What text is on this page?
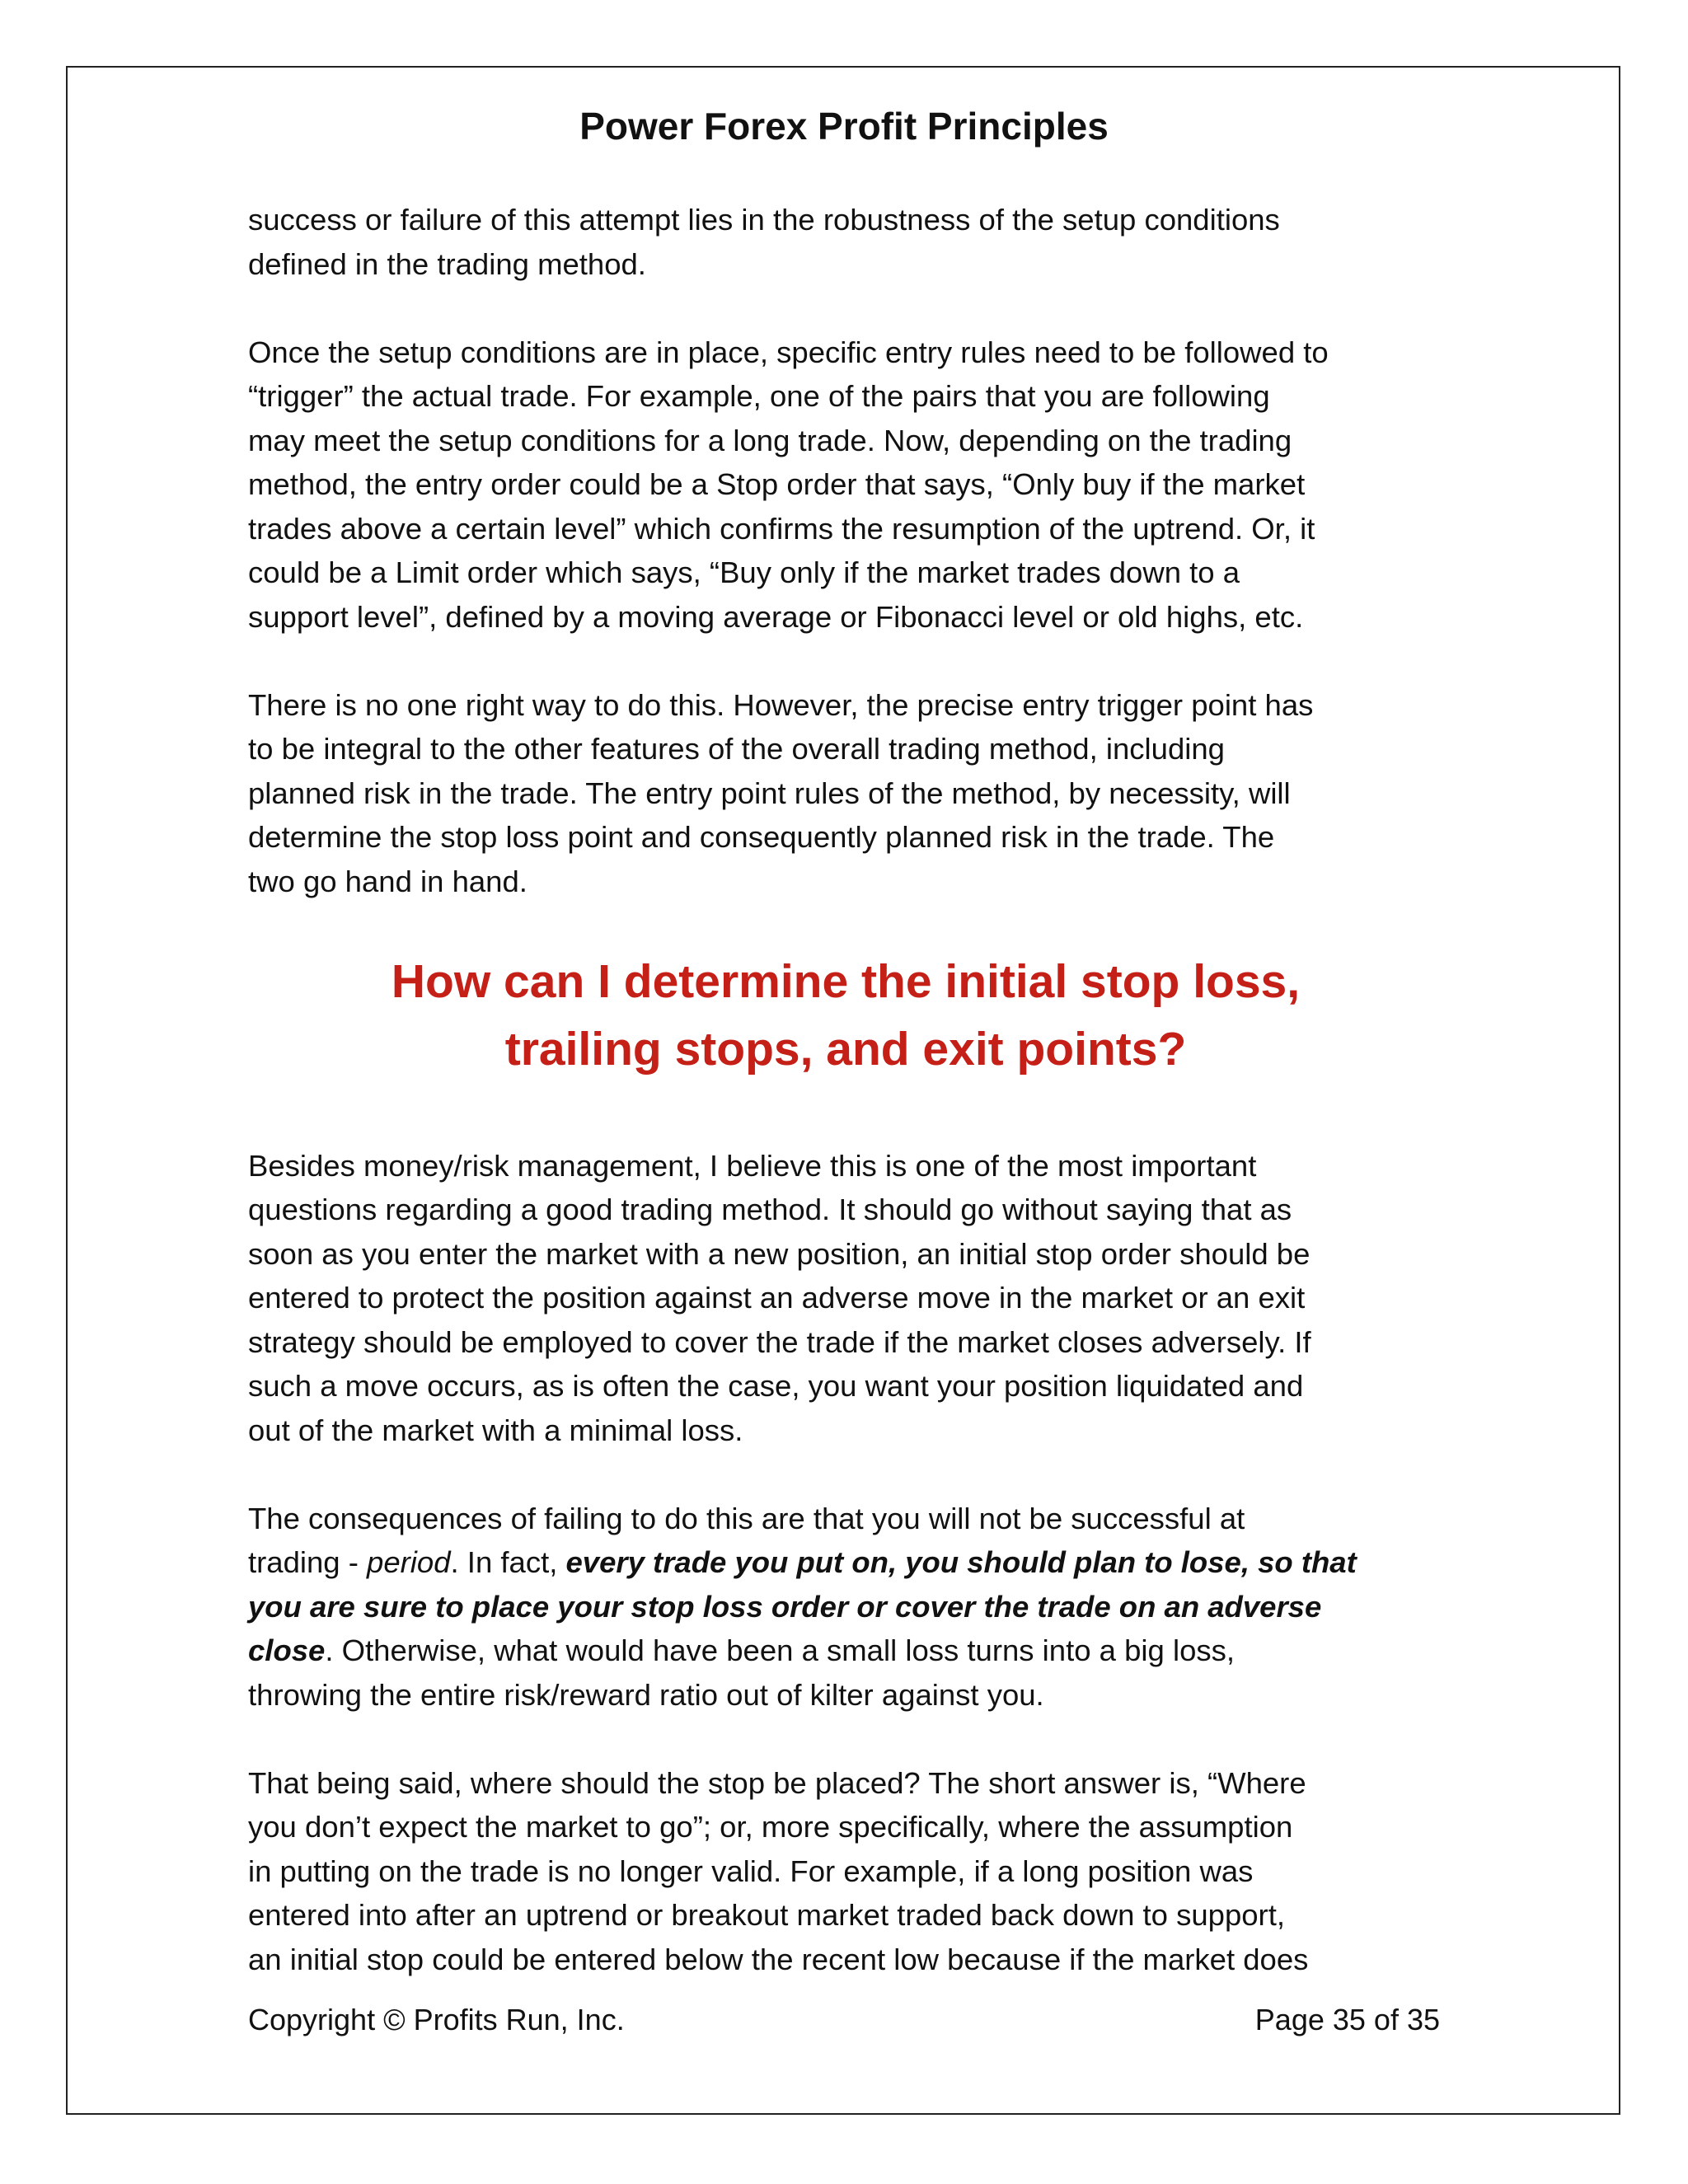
Power Forex Profit Principles
success or failure of this attempt lies in the robustness of the setup conditions
defined in the trading method.
Once the setup conditions are in place, specific entry rules need to be followed to
“trigger” the actual trade. For example, one of the pairs that you are following
may meet the setup conditions for a long trade. Now, depending on the trading
method, the entry order could be a Stop order that says, “Only buy if the market
trades above a certain level” which confirms the resumption of the uptrend. Or, it
could be a Limit order which says, “Buy only if the market trades down to a
support level”, defined by a moving average or Fibonacci level or old highs, etc.
There is no one right way to do this. However, the precise entry trigger point has
to be integral to the other features of the overall trading method, including
planned risk in the trade. The entry point rules of the method, by necessity, will
determine the stop loss point and consequently planned risk in the trade. The
two go hand in hand.
How can I determine the initial stop loss,
trailing stops, and exit points?
Besides money/risk management, I believe this is one of the most important
questions regarding a good trading method. It should go without saying that as
soon as you enter the market with a new position, an initial stop order should be
entered to protect the position against an adverse move in the market or an exit
strategy should be employed to cover the trade if the market closes adversely. If
such a move occurs, as is often the case, you want your position liquidated and
out of the market with a minimal loss.
The consequences of failing to do this are that you will not be successful at
trading - period. In fact, every trade you put on, you should plan to lose, so that
you are sure to place your stop loss order or cover the trade on an adverse
close. Otherwise, what would have been a small loss turns into a big loss,
throwing the entire risk/reward ratio out of kilter against you.
That being said, where should the stop be placed? The short answer is, “Where
you don’t expect the market to go”; or, more specifically, where the assumption
in putting on the trade is no longer valid. For example, if a long position was
entered into after an uptrend or breakout market traded back down to support,
an initial stop could be entered below the recent low because if the market does
Copyright © Profits Run, Inc.	Page 35 of 35
